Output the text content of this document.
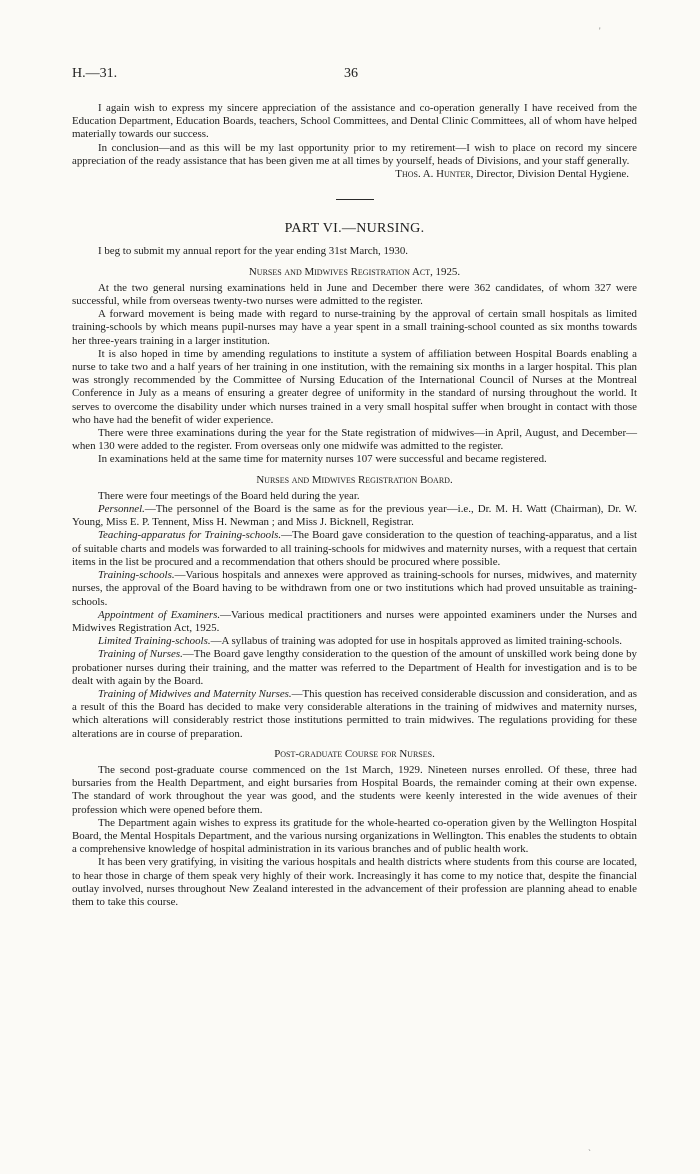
'
H.—31.	36

I again wish to express my sincere appreciation of the assistance and co-operation generally I have received from the Education Department, Education Boards, teachers, School Committees, and Dental Clinic Committees, all of whom have helped materially towards our success.

In conclusion—and as this will be my last opportunity prior to my retirement—I wish to place on record my sincere appreciation of the ready assistance that has been given me at all times by yourself, heads of Divisions, and your staff generally.

Thos. A. Hunter, Director, Division Dental Hygiene.
PART VI.—NURSING.

I beg to submit my annual report for the year ending 31st March, 1930.

Nurses and Midwives Registration Act, 1925.

At the two general nursing examinations held in June and December there were 362 candidates, of whom 327 were successful, while from overseas twenty-two nurses were admitted to the register.

A forward movement is being made with regard to nurse-training by the approval of certain small hospitals as limited training-schools by which means pupil-nurses may have a year spent in a small training-school counted as six months towards her three-years training in a larger institution.

It is also hoped in time by amending regulations to institute a system of affiliation between Hospital Boards enabling a nurse to take two and a half years of her training in one institution, with the remaining six months in a larger hospital. This plan was strongly recommended by the Committee of Nursing Education of the International Council of Nurses at the Montreal Conference in July as a means of ensuring a greater degree of uniformity in the standard of nursing throughout the world. It serves to overcome the disability under which nurses trained in a very small hospital suffer when brought in contact with those who have had the benefit of wider experience.

There were three examinations during the year for the State registration of midwives—in April, August, and December—when 130 were added to the register. From overseas only one midwife was admitted to the register.

In examinations held at the same time for maternity nurses 107 were successful and became registered.

Nurses and Midwives Registration Board.

There were four meetings of the Board held during the year.

Personnel.—The personnel of the Board is the same as for the previous year—i.e., Dr. M. H. Watt (Chairman), Dr. W. Young, Miss E. P. Tennent, Miss H. Newman ; and Miss J. Bicknell, Registrar.

Teaching-apparatus for Training-schools.—The Board gave consideration to the question of teaching-apparatus, and a list of suitable charts and models was forwarded to all training-schools for midwives and maternity nurses, with a request that certain items in the list be procured and a recommendation that others should be procured where possible.

Training-schools.—Various hospitals and annexes were approved as training-schools for nurses, midwives, and maternity nurses, the approval of the Board having to be withdrawn from one or two institutions which had proved unsuitable as training-schools.

Appointment of Examiners.—Various medical practitioners and nurses were appointed examiners under the Nurses and Midwives Registration Act, 1925.

Limited Training-schools.—A syllabus of training was adopted for use in hospitals approved as limited training-schools.

Training of Nurses.—The Board gave lengthy consideration to the question of the amount of unskilled work being done by probationer nurses during their training, and the matter was referred to the Department of Health for investigation and is to be dealt with again by the Board.

Training of Midwives and Maternity Nurses.—This question has received considerable discussion and consideration, and as a result of this the Board has decided to make very considerable alterations in the training of midwives and maternity nurses, which alterations will considerably restrict those institutions permitted to train midwives. The regulations providing for these alterations are in course of preparation.

Post-graduate Course for Nurses.

The second post-graduate course commenced on the 1st March, 1929. Nineteen nurses enrolled. Of these, three had bursaries from the Health Department, and eight bursaries from Hospital Boards, the remainder coming at their own expense. The standard of work throughout the year was good, and the students were keenly interested in the wide avenues of their profession which were opened before them.

The Department again wishes to express its gratitude for the whole-hearted co-operation given by the Wellington Hospital Board, the Mental Hospitals Department, and the various nursing organizations in Wellington. This enables the students to obtain a comprehensive knowledge of hospital administration in its various branches and of public health work.

It has been very gratifying, in visiting the various hospitals and health districts where students from this course are located, to hear those in charge of them speak very highly of their work. Increasingly it has come to my notice that, despite the financial outlay involved, nurses throughout New Zealand interested in the advancement of their profession are planning ahead to enable them to take this course.

`
